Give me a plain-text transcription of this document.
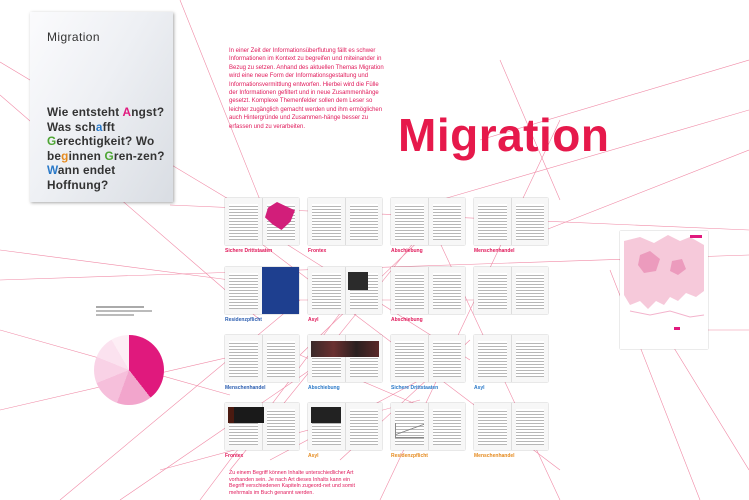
Migration
Wie entsteht Angst? Was schafft Gerechtigkeit? Wo beginnen Gren-zen? Wann endet Hoffnung?
In einer Zeit der Informationsüberflutung fällt es schwer Informationen im Kontext zu begreifen und miteinander in Bezug zu setzen. Anhand des aktuellen Themas Migration wird eine neue Form der Informationsgestaltung und Informationsvermittlung entworfen. Hierbei wird die Fülle der Informationen gefiltert und in neue Zusammenhänge gesetzt. Komplexe Themenfelder sollen dem Leser so leichter zugänglich gemacht werden und ihm ermöglichen auch Hintergründe und Zusammen-hänge besser zu erfassen und zu verarbeiten.	Migration
Sichere Drittstaaten	Frontex	Abschiebung	Menschenhandel
Residenzpflicht	Asyl	Abschiebung
Menschenhandel	Abschiebung	Sichere Drittstaaten	Asyl
Frontex	Asyl	Residenzpflicht	Menschenhandel
Zu einem Begriff können Inhalte unterschiedlicher Art vorhanden sein. Je nach Art dieses Inhalts kann ein Begriff verschiedenen Kapiteln zugeord-net und somit mehrmals im Buch genannt werden.
